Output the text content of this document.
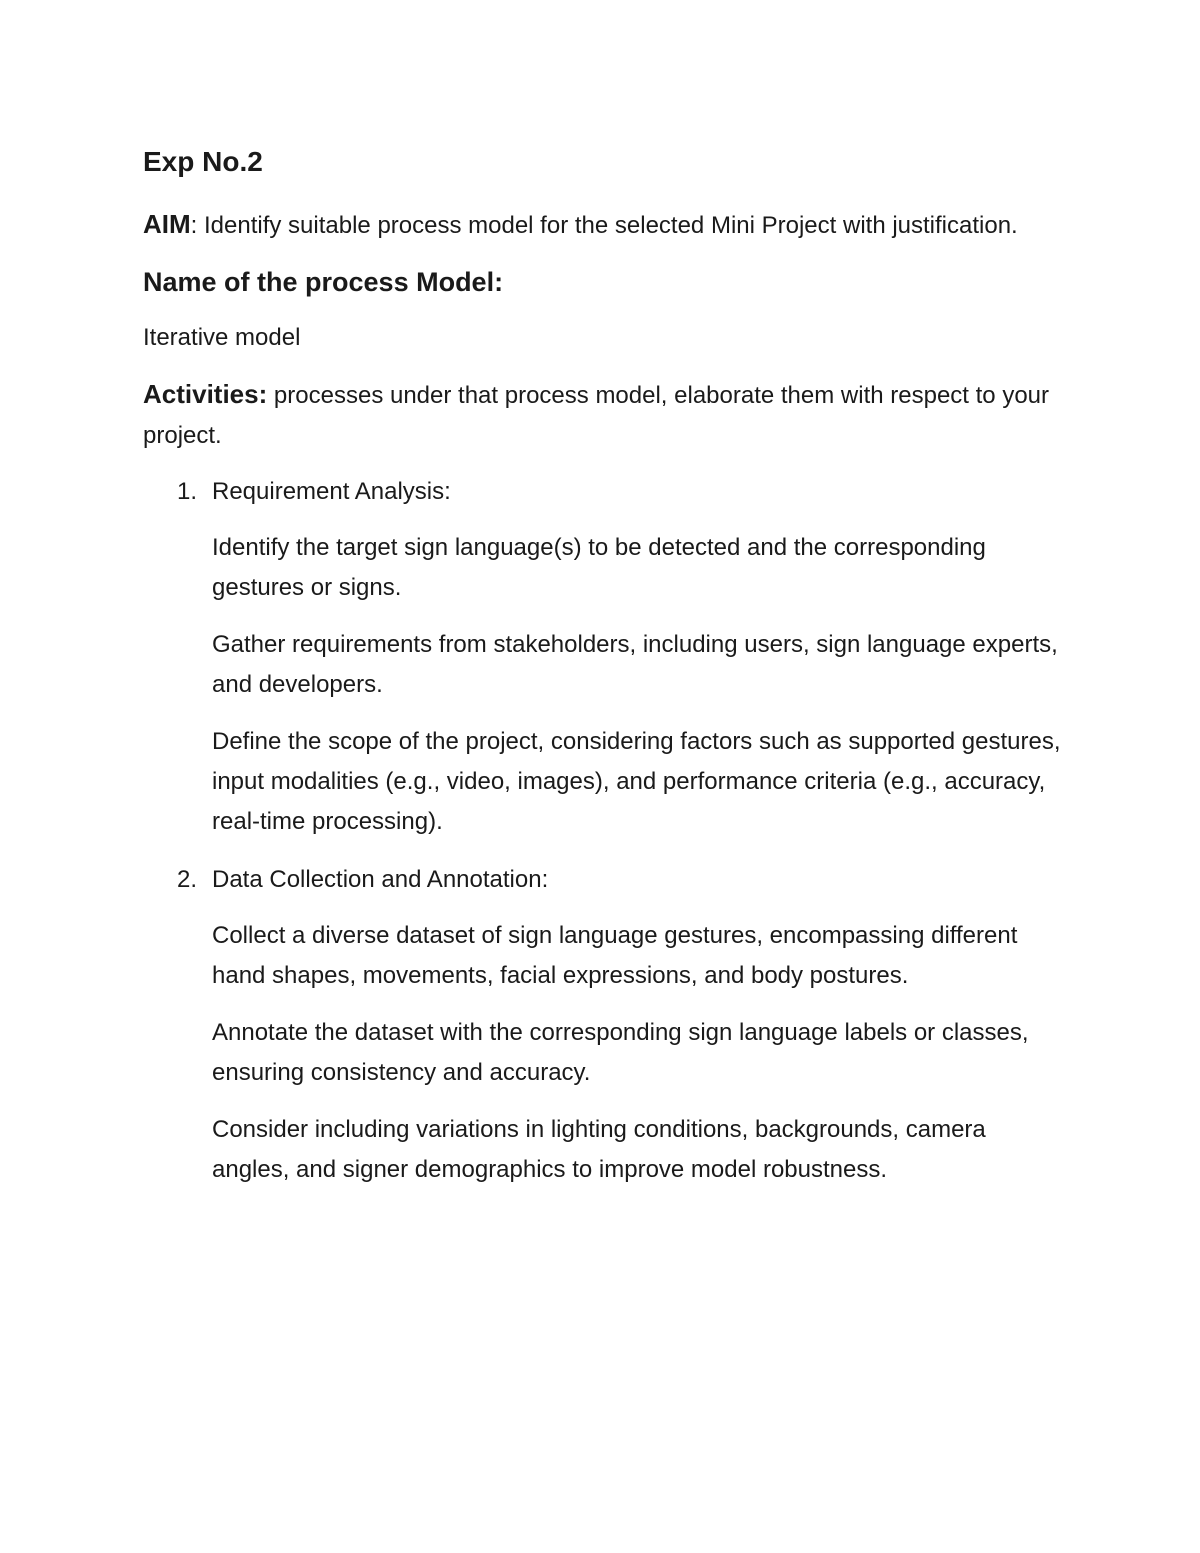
Exp No.2
AIM: Identify suitable process model for the selected Mini Project with justification.
Name of the process Model:
Iterative model
Activities: processes under that process model, elaborate them with respect to your project.
1. Requirement Analysis:
Identify the target sign language(s) to be detected and the corresponding gestures or signs.
Gather requirements from stakeholders, including users, sign language experts, and developers.
Define the scope of the project, considering factors such as supported gestures, input modalities (e.g., video, images), and performance criteria (e.g., accuracy, real-time processing).
2. Data Collection and Annotation:
Collect a diverse dataset of sign language gestures, encompassing different hand shapes, movements, facial expressions, and body postures.
Annotate the dataset with the corresponding sign language labels or classes, ensuring consistency and accuracy.
Consider including variations in lighting conditions, backgrounds, camera angles, and signer demographics to improve model robustness.
